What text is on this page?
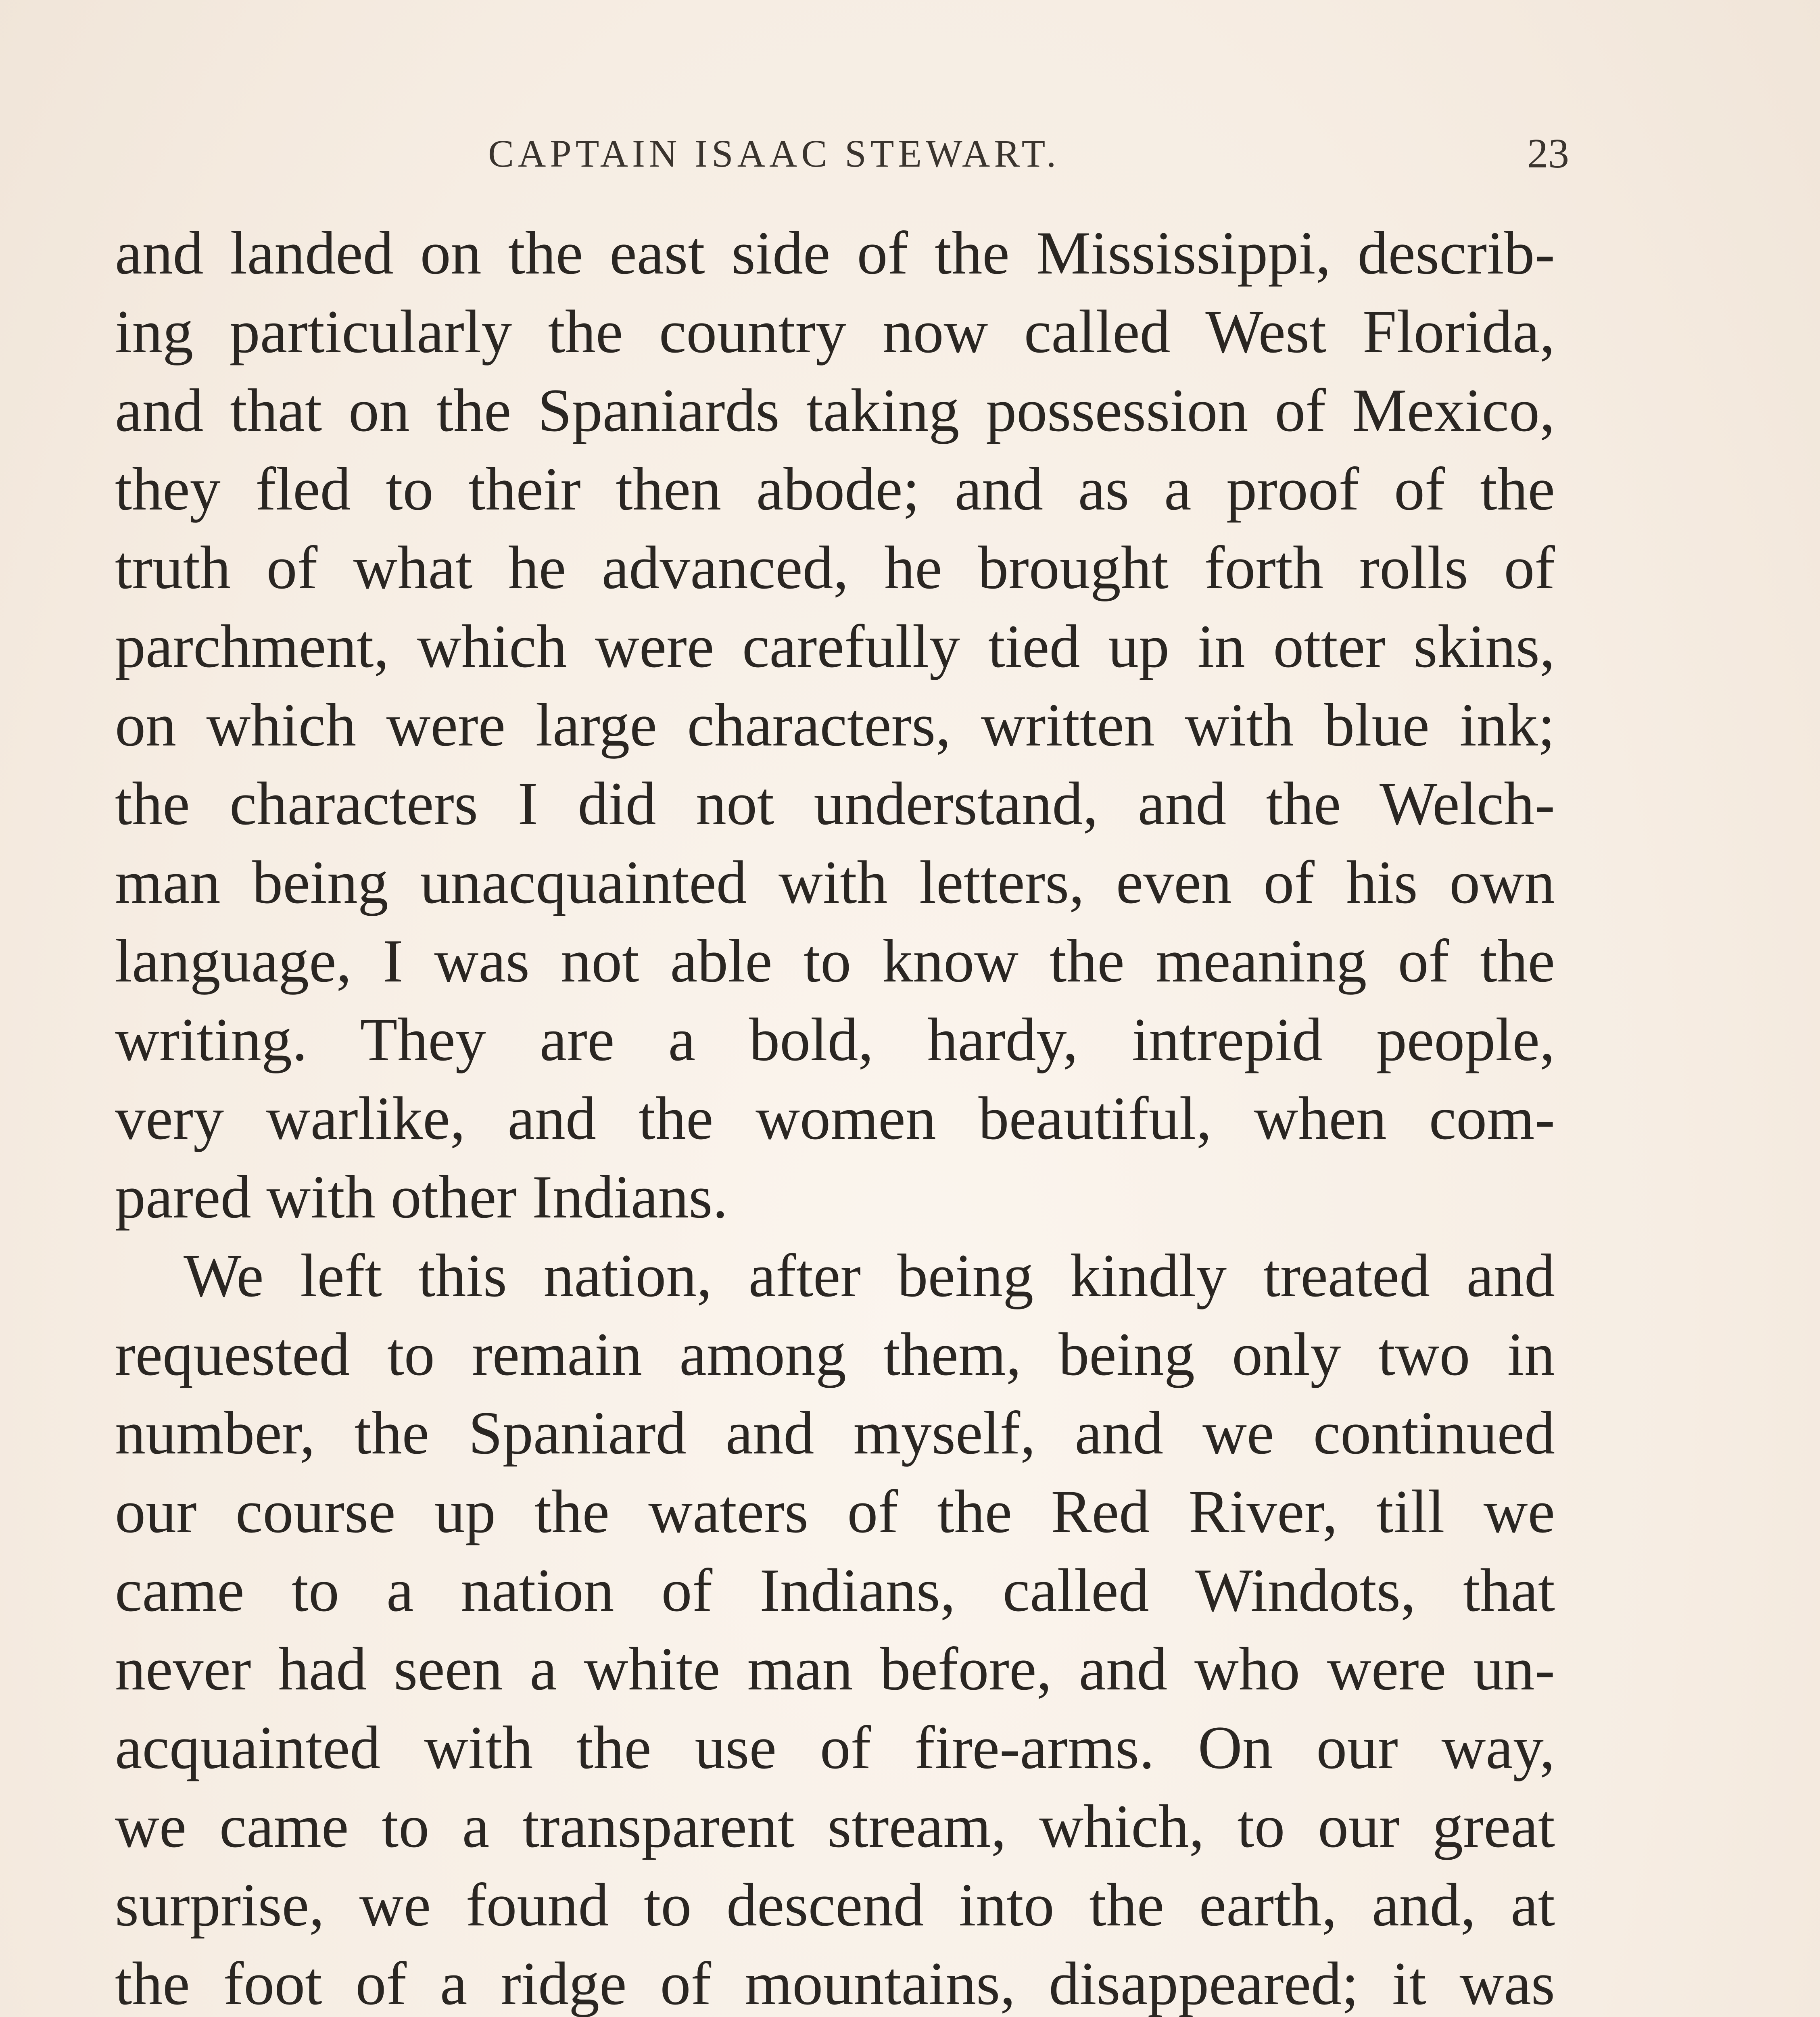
CAPTAIN ISAAC STEWART.	23
and landed on the east side of the Mississippi, describ-
ing particularly the country now called West Florida,
and that on the Spaniards taking possession of Mexico,
they fled to their then abode; and as a proof of the
truth of what he advanced, he brought forth rolls of
parchment, which were carefully tied up in otter skins,
on which were large characters, written with blue ink;
the characters I did not understand, and the Welch-
man being unacquainted with letters, even of his own
language, I was not able to know the meaning of the
writing. They are a bold, hardy, intrepid people,
very warlike, and the women beautiful, when com-
pared with other Indians.
We left this nation, after being kindly treated and
requested to remain among them, being only two in
number, the Spaniard and myself, and we continued
our course up the waters of the Red River, till we
came to a nation of Indians, called Windots, that
never had seen a white man before, and who were un-
acquainted with the use of fire-arms. On our way,
we came to a transparent stream, which, to our great
surprise, we found to descend into the earth, and, at
the foot of a ridge of mountains, disappeared; it was
